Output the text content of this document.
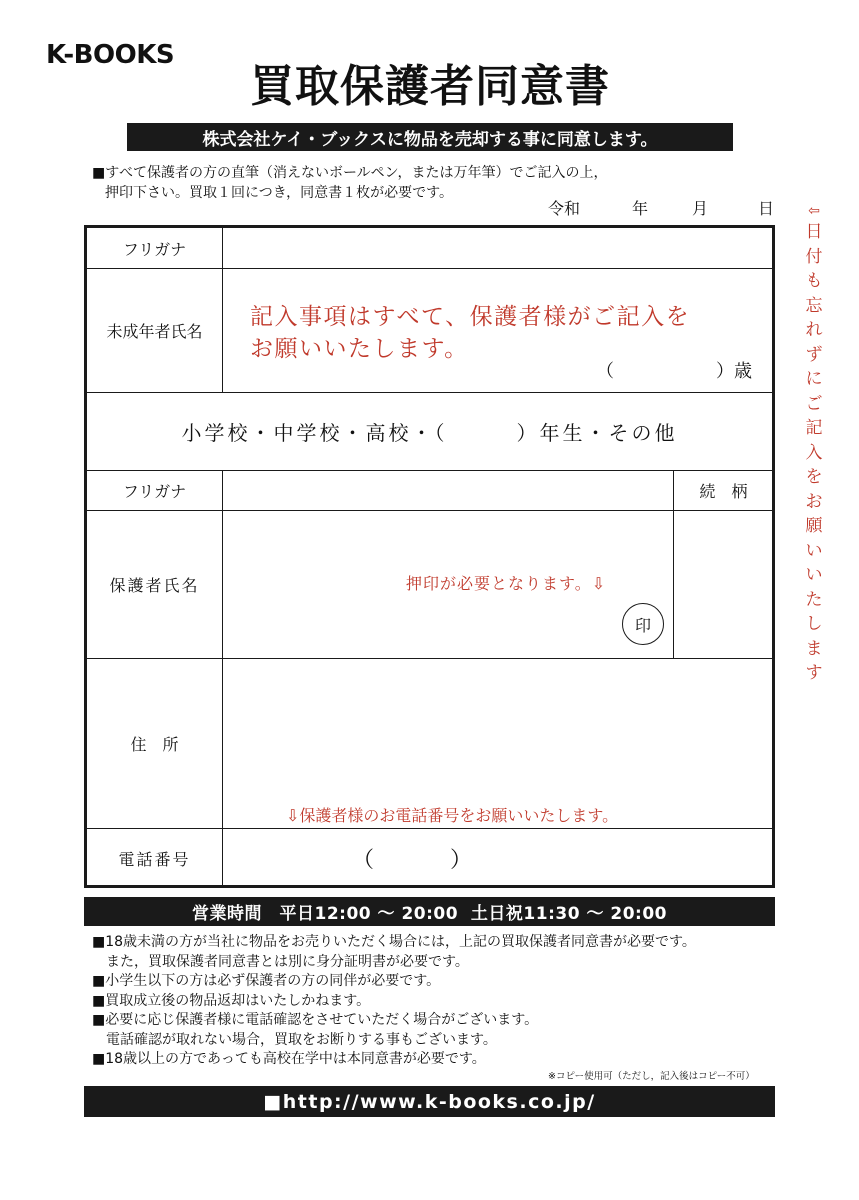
K-BOOKS
買取保護者同意書
株式会社ケイ・ブックスに物品を売却する事に同意します。
■すべて保護者の方の直筆（消えないボールペン，または万年筆）でご記入の上，
押印下さい。買取１回につき，同意書１枚が必要です。
令和	年	月	日	⇦
日
付
も
忘
れ
ず
に
ご
記
入
を
お
願
い
い
た
し
ま
す
フリガナ
未成年者氏名
記入事項はすべて、保護者様がご記入を
お願いいたします。
（	）歳
小学校・中学校・高校・（　　　）年生・その他
フリガナ	続　柄
保護者氏名	押印が必要となります。⇩
印
住　所
⇩保護者様のお電話番号をお願いいたします。
電話番号	（	）
営業時間　平日12:00 ～ 20:00  土日祝11:30 ～ 20:00
■18歳未満の方が当社に物品をお売りいただく場合には，上記の買取保護者同意書が必要です。
また，買取保護者同意書とは別に身分証明書が必要です。
■小学生以下の方は必ず保護者の方の同伴が必要です。
■買取成立後の物品返却はいたしかねます。
■必要に応じ保護者様に電話確認をさせていただく場合がございます。
電話確認が取れない場合，買取をお断りする事もございます。
■18歳以上の方であっても高校在学中は本同意書が必要です。
※コピー使用可（ただし，記入後はコピー不可）
■http://www.k-books.co.jp/
